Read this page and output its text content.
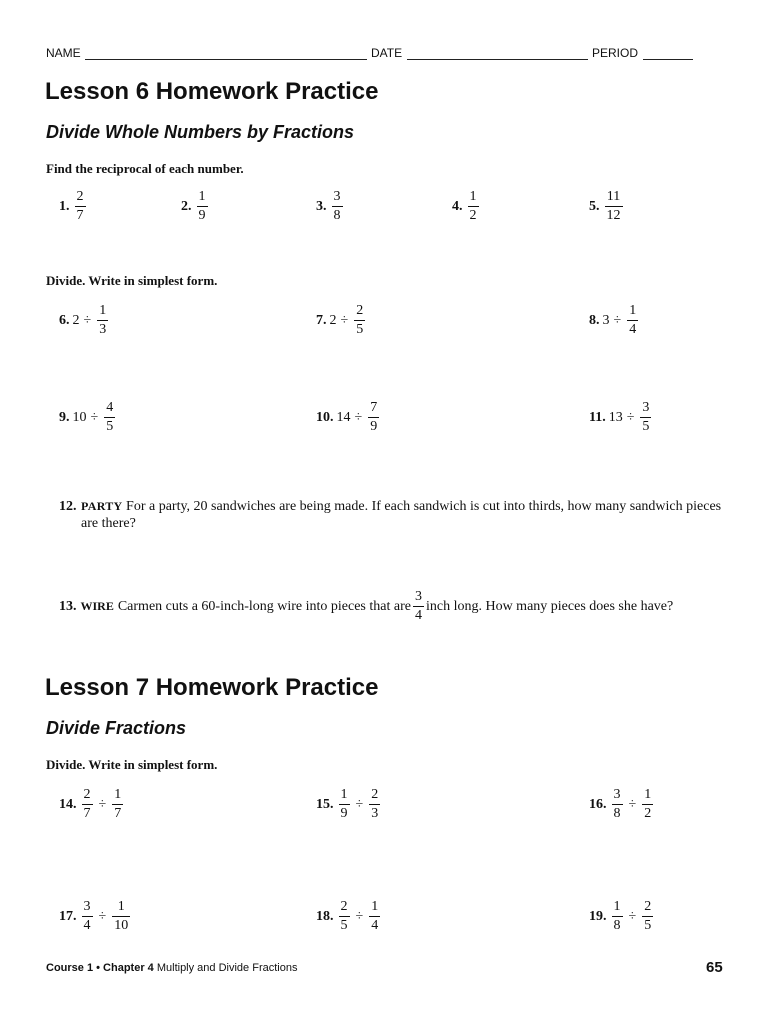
NAME	DATE	PERIOD
Lesson 6 Homework Practice
Divide Whole Numbers by Fractions
Find the reciprocal of each number.
1. $\frac{2}{7}$	2. $\frac{1}{9}$	3. $\frac{3}{8}$	4. $\frac{1}{2}$	5. $\frac{11}{12}$
Divide. Write in simplest form.
6. $2 \div \frac{1}{3}$	7. $2 \div \frac{2}{5}$	8. $3 \div \frac{1}{4}$
9. $10 \div \frac{4}{5}$	10. $14 \div \frac{7}{9}$	11. $13 \div \frac{3}{5}$
12. PARTY For a party, 20 sandwiches are being made. If each sandwich is cut into thirds, how many sandwich pieces are there?
13. WIRE Carmen cuts a 60-inch-long wire into pieces that are $\frac{3}{4}$ inch long. How many pieces does she have?
Lesson 7 Homework Practice
Divide Fractions
Divide. Write in simplest form.
14. $\frac{2}{7} \div \frac{1}{7}$	15. $\frac{1}{9} \div \frac{2}{3}$	16. $\frac{3}{8} \div \frac{1}{2}$
17. $\frac{3}{4} \div \frac{1}{10}$	18. $\frac{2}{5} \div \frac{1}{4}$	19. $\frac{1}{8} \div \frac{2}{5}$
Course 1 • Chapter 4 Multiply and Divide Fractions	65
